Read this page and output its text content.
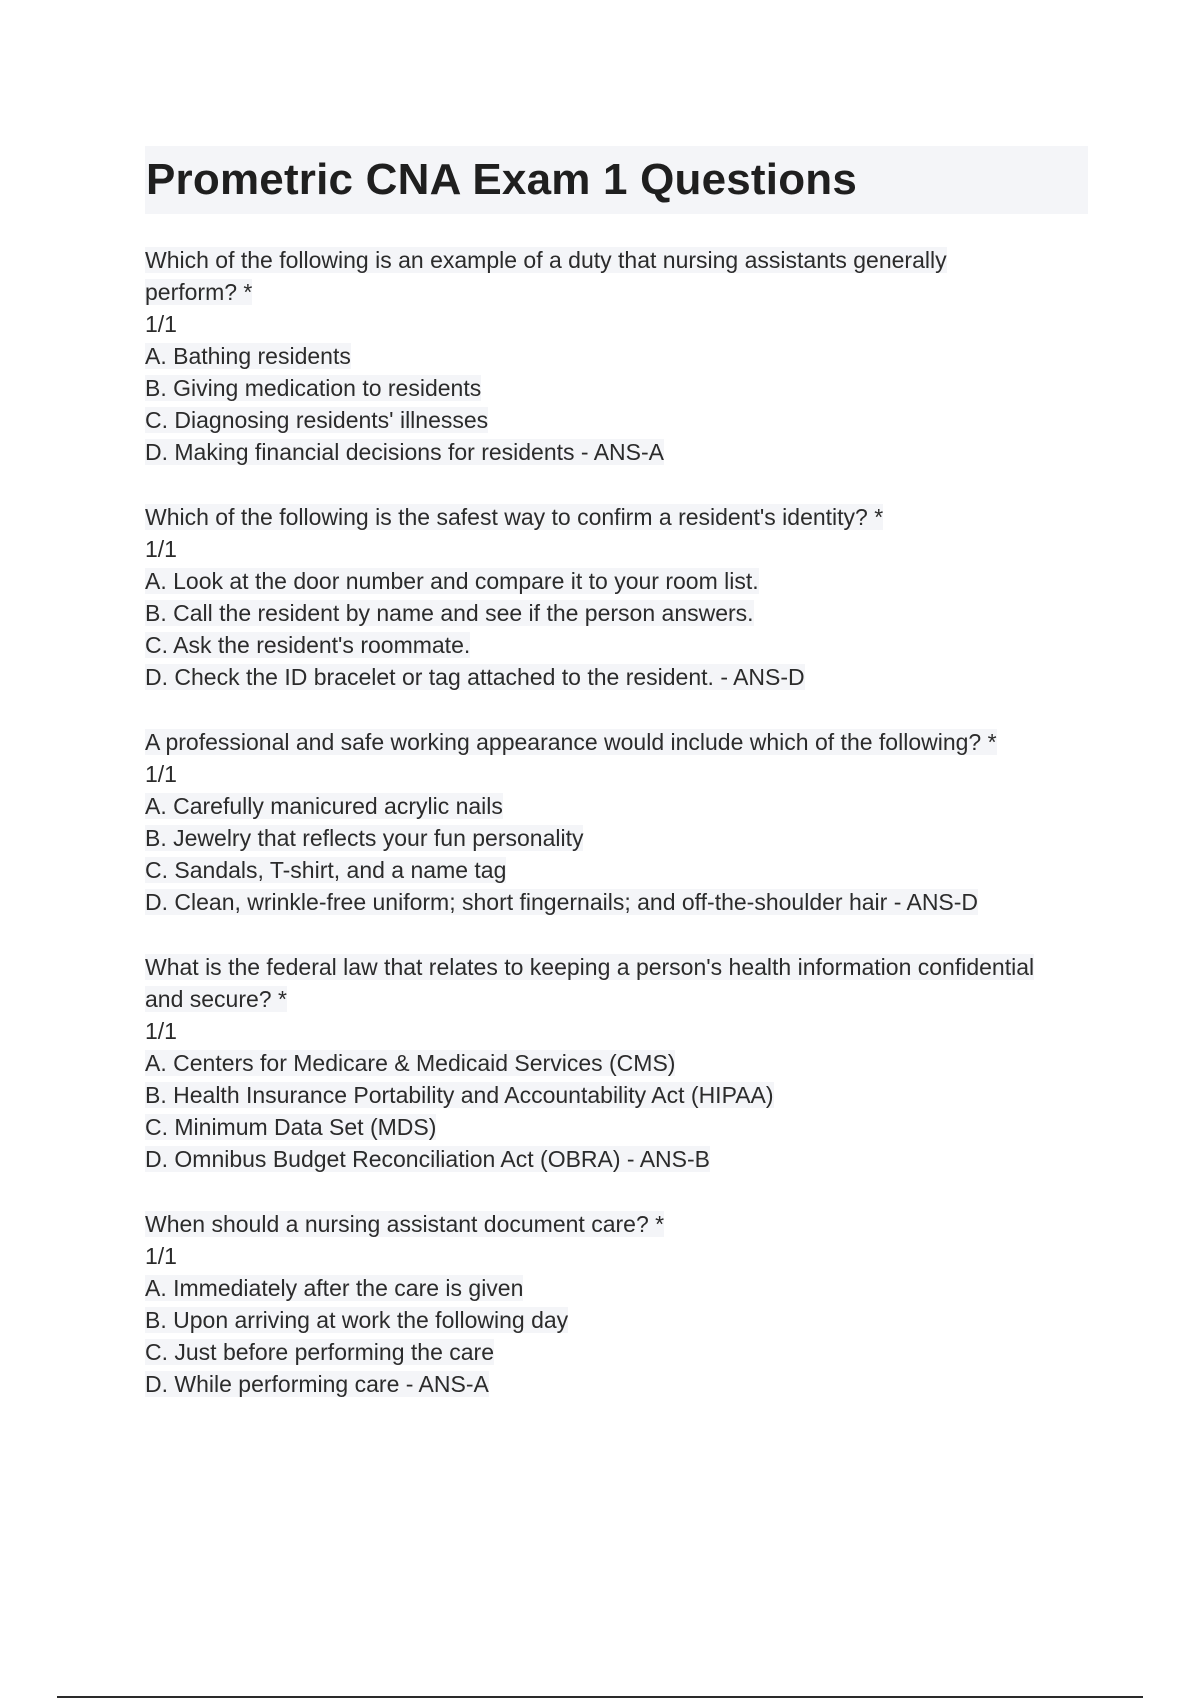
Prometric CNA Exam 1 Questions
Which of the following is an example of a duty that nursing assistants generally
perform? *
1/1
A. Bathing residents
B. Giving medication to residents
C. Diagnosing residents' illnesses
D. Making financial decisions for residents - ANS-A
Which of the following is the safest way to confirm a resident's identity? *
1/1
A. Look at the door number and compare it to your room list.
B. Call the resident by name and see if the person answers.
C. Ask the resident's roommate.
D. Check the ID bracelet or tag attached to the resident. - ANS-D
A professional and safe working appearance would include which of the following? *
1/1
A. Carefully manicured acrylic nails
B. Jewelry that reflects your fun personality
C. Sandals, T-shirt, and a name tag
D. Clean, wrinkle-free uniform; short fingernails; and off-the-shoulder hair - ANS-D
What is the federal law that relates to keeping a person's health information confidential
and secure? *
1/1
A. Centers for Medicare & Medicaid Services (CMS)
B. Health Insurance Portability and Accountability Act (HIPAA)
C. Minimum Data Set (MDS)
D. Omnibus Budget Reconciliation Act (OBRA) - ANS-B
When should a nursing assistant document care? *
1/1
A. Immediately after the care is given
B. Upon arriving at work the following day
C. Just before performing the care
D. While performing care - ANS-A
